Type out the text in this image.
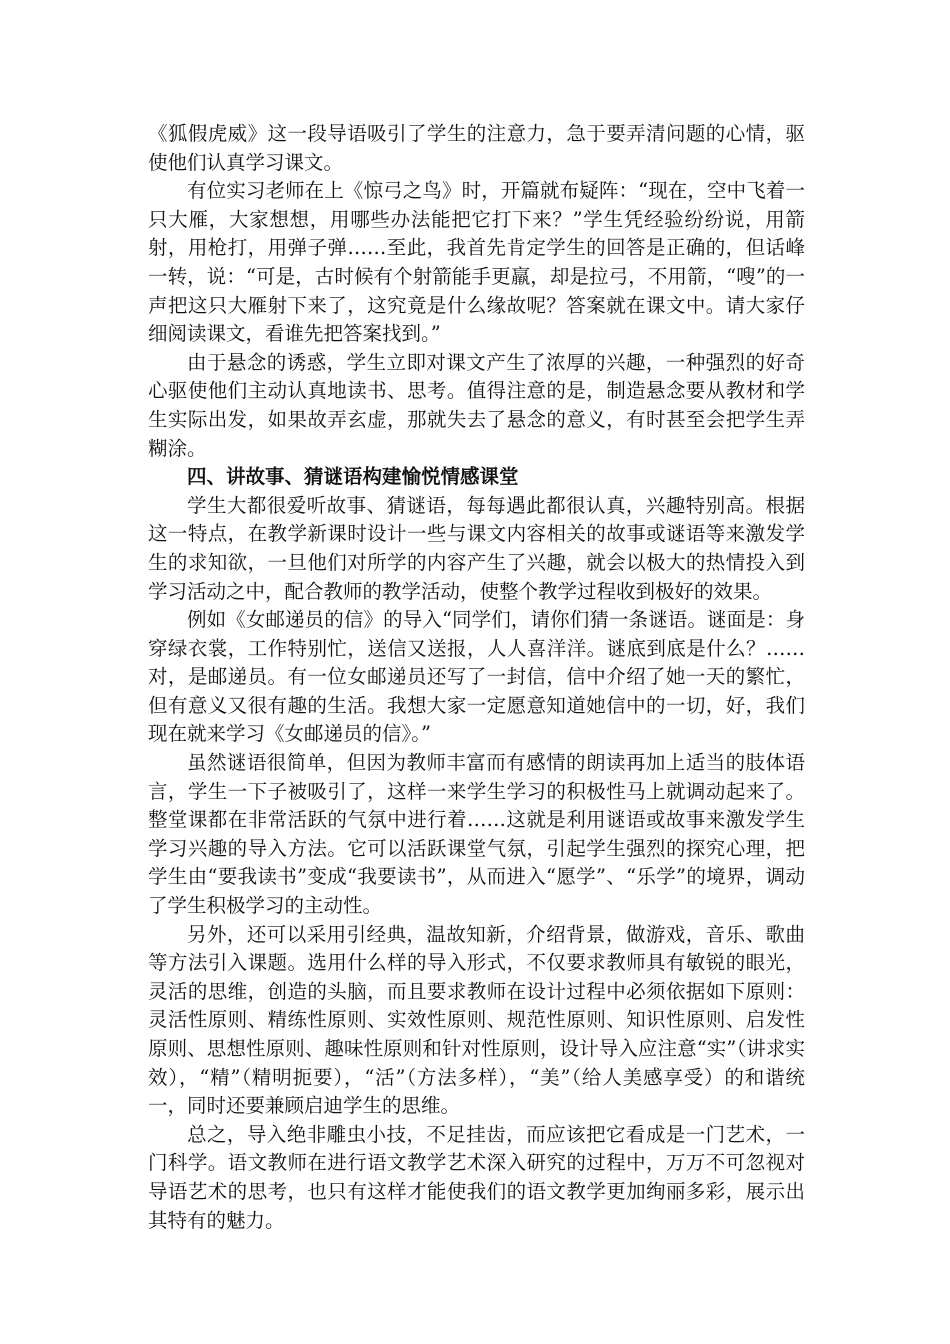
《狐假虎威》这一段导语吸引了学生的注意力，急于要弄清问题的心情，驱使他们认真学习课文。

有位实习老师在上《惊弓之鸟》时，开篇就布疑阵：“现在，空中飞着一只大雁，大家想想，用哪些办法能把它打下来？”学生凭经验纷纷说，用箭射，用枪打，用弹子弹……至此，我首先肯定学生的回答是正确的，但话峰一转，说：“可是，古时候有个射箭能手更羸，却是拉弓，不用箭，“嗖”的一声把这只大雁射下来了，这究竟是什么缘故呢？答案就在课文中。请大家仔细阅读课文，看谁先把答案找到。”

由于悬念的诱惑，学生立即对课文产生了浓厚的兴趣，一种强烈的好奇心驱使他们主动认真地读书、思考。值得注意的是，制造悬念要从教材和学生实际出发，如果故弄玄虚，那就失去了悬念的意义，有时甚至会把学生弄糊涂。

四、讲故事、猜谜语构建愉悦情感课堂

学生大都很爱听故事、猜谜语，每每遇此都很认真，兴趣特别高。根据这一特点，在教学新课时设计一些与课文内容相关的故事或谜语等来激发学生的求知欲，一旦他们对所学的内容产生了兴趣，就会以极大的热情投入到学习活动之中，配合教师的教学活动，使整个教学过程收到极好的效果。

例如《女邮递员的信》的导入“同学们，请你们猜一条谜语。谜面是：身穿绿衣裳，工作特别忙，送信又送报，人人喜洋洋。谜底到底是什么？……对，是邮递员。有一位女邮递员还写了一封信，信中介绍了她一天的繁忙，但有意义又很有趣的生活。我想大家一定愿意知道她信中的一切，好，我们现在就来学习《女邮递员的信》。”

虽然谜语很简单，但因为教师丰富而有感情的朗读再加上适当的肢体语言，学生一下子被吸引了，这样一来学生学习的积极性马上就调动起来了。整堂课都在非常活跃的气氛中进行着……这就是利用谜语或故事来激发学生学习兴趣的导入方法。它可以活跃课堂气氛，引起学生强烈的探究心理，把学生由“要我读书”变成“我要读书”，从而进入“愿学”、“乐学”的境界，调动了学生积极学习的主动性。

另外，还可以采用引经典，温故知新，介绍背景，做游戏，音乐、歌曲等方法引入课题。选用什么样的导入形式，不仅要求教师具有敏锐的眼光，灵活的思维，创造的头脑，而且要求教师在设计过程中必须依据如下原则：灵活性原则、精练性原则、实效性原则、规范性原则、知识性原则、启发性原则、思想性原则、趣味性原则和针对性原则，设计导入应注意“实”（讲求实效），“精”（精明扼要），“活”（方法多样），“美”（给人美感享受）的和谐统一，同时还要兼顾启迪学生的思维。

总之，导入绝非雕虫小技，不足挂齿，而应该把它看成是一门艺术，一门科学。语文教师在进行语文教学艺术深入研究的过程中，万万不可忽视对导语艺术的思考，也只有这样才能使我们的语文教学更加绚丽多彩，展示出其特有的魅力。
